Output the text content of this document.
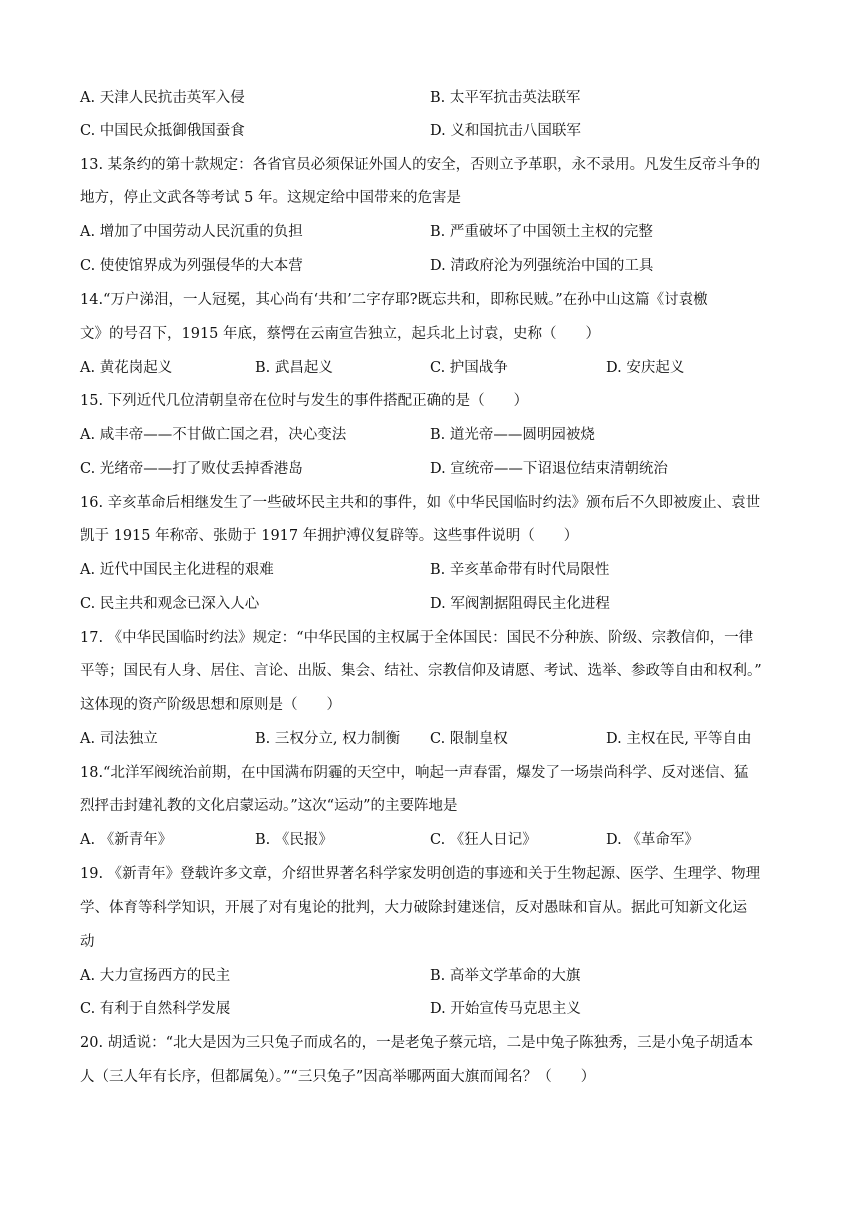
A. 天津人民抗击英军入侵	B. 太平军抗击英法联军
C. 中国民众抵御俄国蚕食	D. 义和国抗击八国联军
13. 某条约的第十款规定：各省官员必须保证外国人的安全，否则立予革职，永不录用。凡发生反帝斗争的
地方，停止文武各等考试 5 年。这规定给中国带来的危害是
A. 增加了中国劳动人民沉重的负担	B. 严重破坏了中国领土主权的完整
C. 使使馆界成为列强侵华的大本营	D. 清政府沦为列强统治中国的工具
14.“万户涕泪，一人冠冕，其心尚有‘共和’二字存耶?既忘共和，即称民贼。”在孙中山这篇《讨袁檄
文》的号召下，1915 年底，蔡愕在云南宣告独立，起兵北上讨袁，史称（　　）
A. 黄花岗起义	B. 武昌起义	C. 护国战争	D. 安庆起义
15. 下列近代几位清朝皇帝在位时与发生的事件搭配正确的是（　　）
A. 咸丰帝——不甘做亡国之君，决心变法	B. 道光帝——圆明园被烧
C. 光绪帝——打了败仗丢掉香港岛	D. 宣统帝——下诏退位结束清朝统治
16. 辛亥革命后相继发生了一些破坏民主共和的事件，如《中华民国临时约法》颁布后不久即被废止、袁世
凯于 1915 年称帝、张勋于 1917 年拥护溥仪复辟等。这些事件说明（　　）
A. 近代中国民主化进程的艰难	B. 辛亥革命带有时代局限性
C. 民主共和观念已深入人心	D. 军阀割据阻碍民主化进程
17. 《中华民国临时约法》规定：“中华民国的主权属于全体国民：国民不分种族、阶级、宗教信仰，一律
平等；国民有人身、居住、言论、出版、集会、结社、宗教信仰及请愿、考试、选举、参政等自由和权利。”
这体现的资产阶级思想和原则是（　　）
A. 司法独立	B. 三权分立, 权力制衡 C. 限制皇权	D. 主权在民, 平等自由
18.“北洋军阀统治前期，在中国满布阴霾的天空中，响起一声春雷，爆发了一场崇尚科学、反对迷信、猛
烈抨击封建礼教的文化启蒙运动。”这次“运动”的主要阵地是
A. 《新青年》	B. 《民报》	C. 《狂人日记》	D. 《革命军》
19. 《新青年》登载许多文章，介绍世界著名科学家发明创造的事迹和关于生物起源、医学、生理学、物理
学、体育等科学知识，开展了对有鬼论的批判，大力破除封建迷信，反对愚昧和盲从。据此可知新文化运
动
A. 大力宣扬西方的民主	B. 高举文学革命的大旗
C. 有利于自然科学发展	D. 开始宣传马克思主义
20. 胡适说：“北大是因为三只兔子而成名的，一是老兔子蔡元培，二是中兔子陈独秀，三是小兔子胡适本
人（三人年有长序，但都属兔）。”“三只兔子”因高举哪两面大旗而闻名？（　　）
